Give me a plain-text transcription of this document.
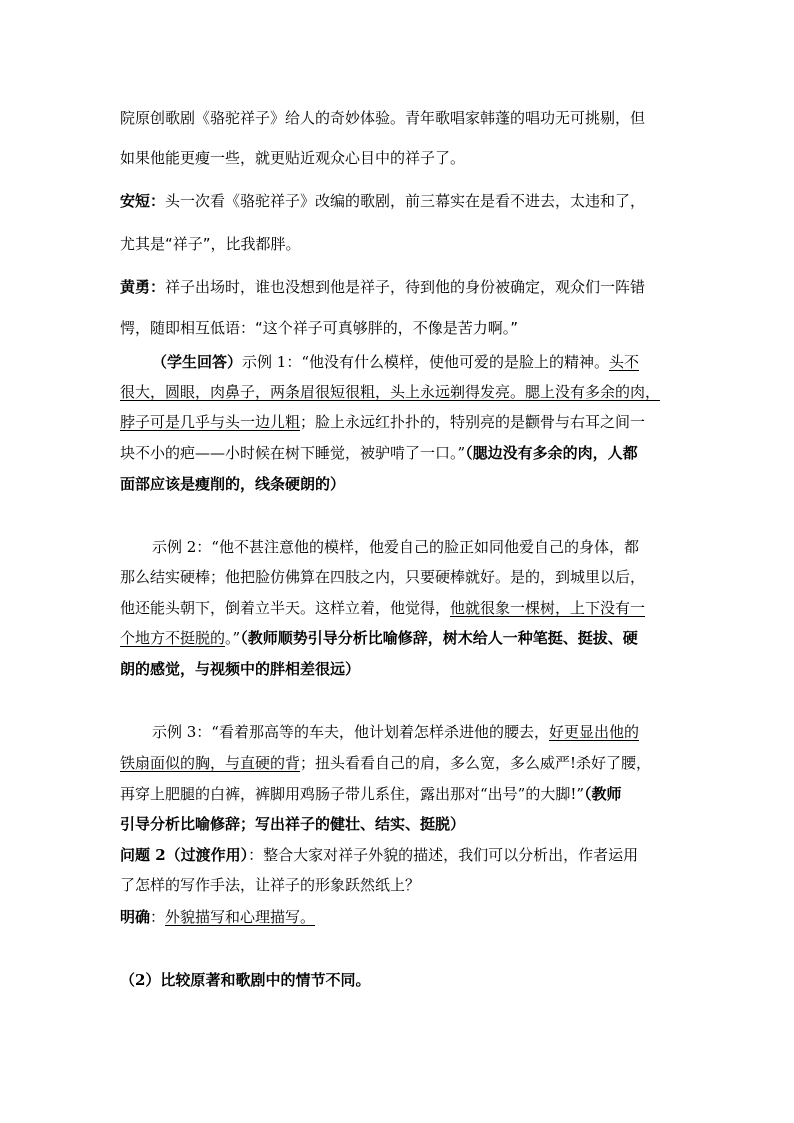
院原创歌剧《骆驼祥子》给人的奇妙体验。青年歌唱家韩蓬的唱功无可挑剔，但
如果他能更瘦一些，就更贴近观众心目中的祥子了。
安短：头一次看《骆驼祥子》改编的歌剧，前三幕实在是看不进去，太违和了，
尤其是“祥子”，比我都胖。
黄勇：祥子出场时，谁也没想到他是祥子，待到他的身份被确定，观众们一阵错
愕，随即相互低语：“这个祥子可真够胖的，不像是苦力啊。”
（学生回答）示例 1：“他没有什么模样，使他可爱的是脸上的精神。头不
很大，圆眼，肉鼻子，两条眉很短很粗，头上永远剃得发亮。腮上没有多余的肉，
脖子可是几乎与头一边儿粗；脸上永远红扑扑的，特别亮的是颧骨与右耳之间一
块不小的疤——小时候在树下睡觉，被驴啃了一口。”（腮边没有多余的肉，人都
面部应该是瘦削的，线条硬朗的）
示例 2：“他不甚注意他的模样，他爱自己的脸正如同他爱自己的身体，都
那么结实硬棒；他把脸仿佛算在四肢之内，只要硬棒就好。是的，到城里以后，
他还能头朝下，倒着立半天。这样立着，他觉得，他就很象一棵树，上下没有一
个地方不挺脱的。”（教师顺势引导分析比喻修辞，树木给人一种笔挺、挺拔、硬
朗的感觉，与视频中的胖相差很远）
示例 3：“看着那高等的车夫，他计划着怎样杀进他的腰去，好更显出他的
铁扇面似的胸，与直硬的背；扭头看看自己的肩，多么宽，多么威严!杀好了腰，
再穿上肥腿的白裤，裤脚用鸡肠子带儿系住，露出那对“出号”的大脚!”（教师
引导分析比喻修辞；写出祥子的健壮、结实、挺脱）
问题 2（过渡作用）：整合大家对祥子外貌的描述，我们可以分析出，作者运用
了怎样的写作手法，让祥子的形象跃然纸上？
明确：外貌描写和心理描写。
（2）比较原著和歌剧中的情节不同。
